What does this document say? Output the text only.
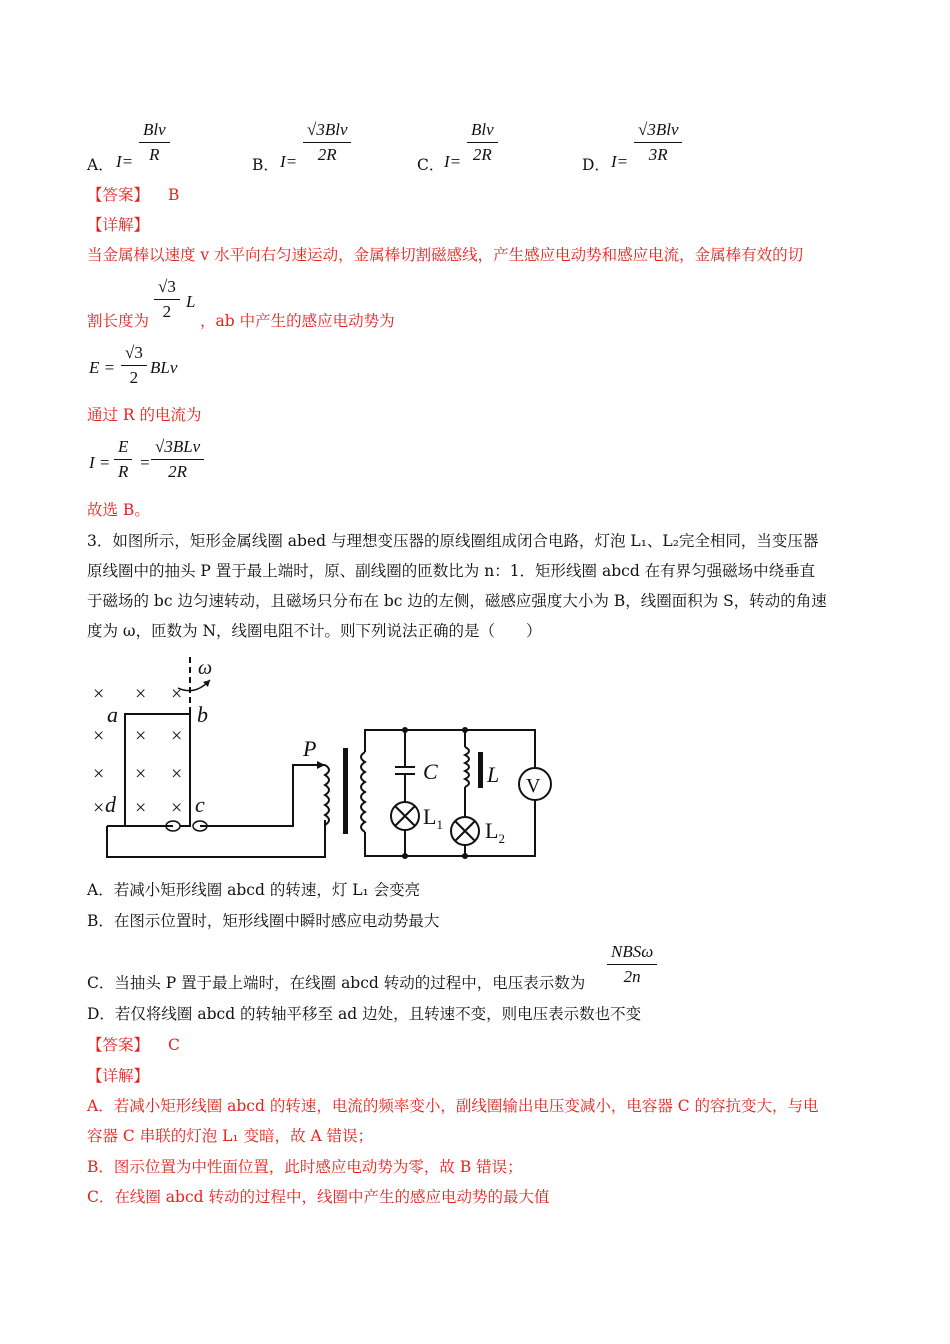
A． I=
Blv
R
B． I=
√3Blv
2R
C． I=
Blv
2R
D． I=
√3Blv
3R
【答案】 B
【详解】
当金属棒以速度 v 水平向右匀速运动，金属棒切割磁感线，产生感应电动势和感应电流，金属棒有效的切
割长度为
√3
2
L
，ab 中产生的感应电动势为
E =
√3
2
BLv
通过 R 的电流为
I =
E
R =
√3BLv
2R
故选 B。
3．如图所示，矩形金属线圈 abed 与理想变压器的原线圈组成闭合电路，灯泡 L₁、L₂完全相同，当变压器
原线圈中的抽头 P 置于最上端时，原、副线圈的匝数比为 n：1．矩形线圈 abcd 在有界匀强磁场中绕垂直
于磁场的 bc 边匀速转动，且磁场只分布在 bc 边的左侧，磁感应强度大小为 B，线圈面积为 S，转动的角速
度为 ω，匝数为 N，线圈电阻不计。则下列说法正确的是（　　）
× × ×
× × ×
× × ×
× × ×
ω
a	b
c
d
P
C
$L_1$
L
$L_2$
V
A．若减小矩形线圈 abcd 的转速，灯 L₁ 会变亮
B．在图示位置时，矩形线圈中瞬时感应电动势最大
C．当抽头 P 置于最上端时，在线圈 abcd 转动的过程中，电压表示数为
NBSω
2n
D．若仅将线圈 abcd 的转轴平移至 ad 边处，且转速不变，则电压表示数也不变
【答案】 C
【详解】
A．若减小矩形线圈 abcd 的转速，电流的频率变小，副线圈输出电压变减小，电容器 C 的容抗变大，与电
容器 C 串联的灯泡 L₁ 变暗，故 A 错误；
B．图示位置为中性面位置，此时感应电动势为零，故 B 错误；
C．在线圈 abcd 转动的过程中，线圈中产生的感应电动势的最大值
